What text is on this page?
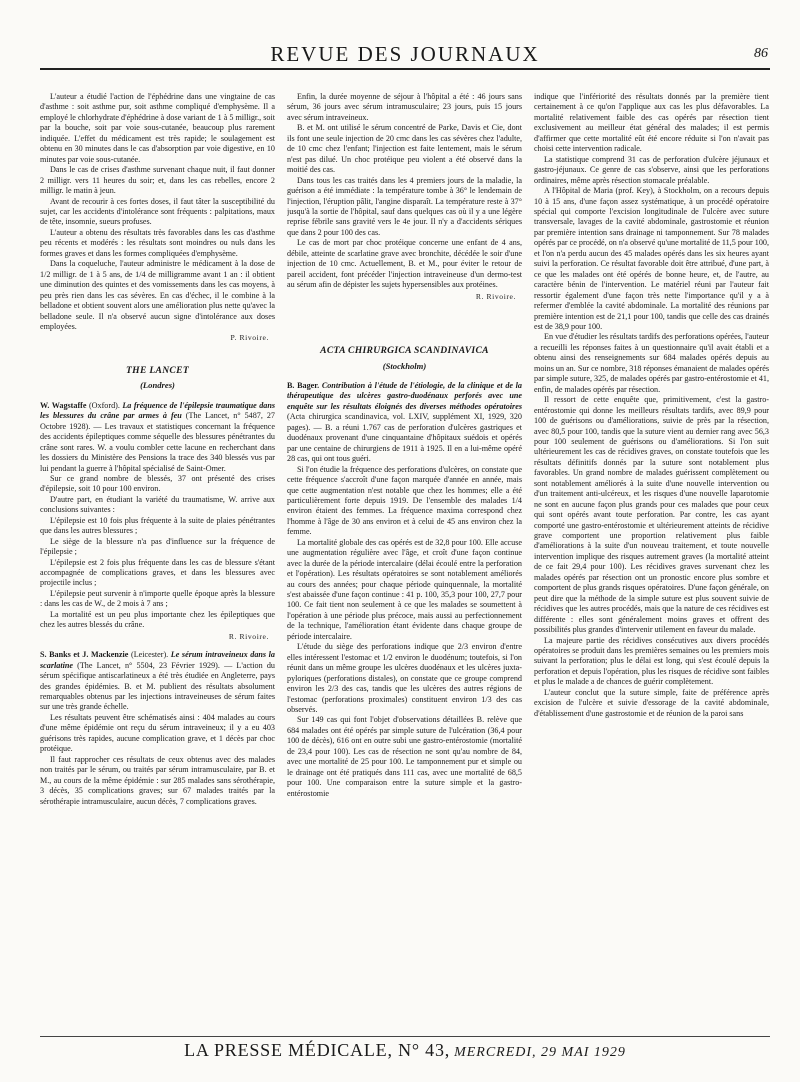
REVUE DES JOURNAUX	86

L'auteur a étudié l'action de l'éphédrine dans une vingtaine de cas d'asthme : soit asthme pur, soit asthme compliqué d'emphysème. Il a employé le chlorhydrate d'éphédrine à dose variant de 1 à 5 milligr., soit par la bouche, soit par voie sous-cutanée, beaucoup plus rarement indiquée. L'effet du médicament est très rapide; le soulagement est obtenu en 30 minutes dans le cas d'absorption par voie digestive, en 10 minutes par voie sous-cutanée.

Dans le cas de crises d'asthme survenant chaque nuit, il faut donner 2 milligr. vers 11 heures du soir; et, dans les cas rebelles, encore 2 milligr. le matin à jeun.

Avant de recourir à ces fortes doses, il faut tâter la susceptibilité du sujet, car les accidents d'intolérance sont fréquents : palpitations, maux de tête, insomnie, sueurs profuses.

L'auteur a obtenu des résultats très favorables dans les cas d'asthme peu récents et modérés : les résultats sont moindres ou nuls dans les formes graves et dans les formes compliquées d'emphysème.

Dans la coqueluche, l'auteur administre le médicament à la dose de 1/2 milligr. de 1 à 5 ans, de 1/4 de milligramme avant 1 an : il obtient une diminution des quintes et des vomissements dans les cas moyens, à peu près rien dans les cas sévères. En cas d'échec, il le combine à la belladone et obtient souvent alors une amélioration plus nette qu'avec la belladone seule. Il n'a observé aucun signe d'intolérance aux doses employées.

P. Rivoire.
THE LANCET
(Londres)

W. Wagstaffe (Oxford). La fréquence de l'épilepsie traumatique dans les blessures du crâne par armes à feu (The Lancet, n° 5487, 27 Octobre 1928). — Les travaux et statistiques concernant la fréquence des accidents épileptiques comme séquelle des blessures pénétrantes du crâne sont rares. W. a voulu combler cette lacune en recherchant dans les dossiers du Ministère des Pensions la trace des 340 blessés vus par lui pendant la guerre à l'hôpital spécialisé de Saint-Omer.

Sur ce grand nombre de blessés, 37 ont présenté des crises d'épilepsie, soit 10 pour 100 environ.

D'autre part, en étudiant la variété du traumatisme, W. arrive aux conclusions suivantes :

L'épilepsie est 10 fois plus fréquente à la suite de plaies pénétrantes que dans les autres blessures ;

Le siège de la blessure n'a pas d'influence sur la fréquence de l'épilepsie ;

L'épilepsie est 2 fois plus fréquente dans les cas de blessure s'étant accompagnée de complications graves, et dans les blessures avec projectile inclus ;

L'épilepsie peut survenir à n'importe quelle époque après la blessure : dans les cas de W., de 2 mois à 7 ans ;

La mortalité est un peu plus importante chez les épileptiques que chez les autres blessés du crâne.

R. Rivoire.

S. Banks et J. Mackenzie (Leicester). Le sérum intraveineux dans la scarlatine (The Lancet, n° 5504, 23 Février 1929). — L'action du sérum spécifique antiscarlatineux a été très étudiée en Angleterre, pays des grandes épidémies. B. et M. publient des résultats absolument remarquables obtenus par les injections intraveineuses de sérum faites sur une très grande échelle.

Les résultats peuvent être schématisés ainsi : 404 malades au cours d'une même épidémie ont reçu du sérum intraveineux; il y a eu 403 guérisons très rapides, aucune complication grave, et 1 décès par choc protéique.

Il faut rapprocher ces résultats de ceux obtenus avec des malades non traités par le sérum, ou traités par sérum intramusculaire, par B. et M., au cours de la même épidémie : sur 285 malades sans sérothérapie, 3 décès, 35 complications graves; sur 67 malades traités par la sérothérapie intramusculaire, aucun décès, 7 complications graves.

Enfin, la durée moyenne de séjour à l'hôpital a été : 46 jours sans sérum, 36 jours avec sérum intramusculaire; 23 jours, puis 15 jours avec sérum intraveineux.

B. et M. ont utilisé le sérum concentré de Parke, Davis et Cie, dont ils font une seule injection de 20 cmc dans les cas sévères chez l'adulte, de 10 cmc chez l'enfant; l'injection est faite lentement, mais le sérum n'est pas dilué. Un choc protéique peu violent a été observé dans la moitié des cas.

Dans tous les cas traités dans les 4 premiers jours de la maladie, la guérison a été immédiate : la température tombe à 36° le lendemain de l'injection, l'éruption pâlit, l'angine disparaît. La température reste à 37° jusqu'à la sortie de l'hôpital, sauf dans quelques cas où il y a une légère reprise fébrile sans gravité vers le 4e jour. Il n'y a d'accidents sériques que dans 2 pour 100 des cas.

Le cas de mort par choc protéique concerne une enfant de 4 ans, débile, atteinte de scarlatine grave avec bronchite, décédée le soir d'une injection de 10 cmc. Actuellement, B. et M., pour éviter le retour de pareil accident, font précéder l'injection intraveineuse d'un dermo-test au sérum afin de dépister les sujets hypersensibles aux protéines.

R. Rivoire.
ACTA CHIRURGICA SCANDINAVICA
(Stockholm)

B. Bager. Contribution à l'étude de l'étiologie, de la clinique et de la thérapeutique des ulcères gastro-duodénaux perforés avec une enquête sur les résultats éloignés des diverses méthodes opératoires (Acta chirurgica scandinavica, vol. LXIV, supplément XI, 1929, 320 pages). — B. a réuni 1.767 cas de perforation d'ulcères gastriques et duodénaux provenant d'une cinquantaine d'hôpitaux suédois et opérés par une centaine de chirurgiens de 1911 à 1925. Il en a lui-même opéré 28 cas, qui ont tous guéri.

Si l'on étudie la fréquence des perforations d'ulcères, on constate que cette fréquence s'accroît d'une façon marquée d'année en année, mais que cette augmentation n'est notable que chez les hommes; elle a été particulièrement forte depuis 1919. De l'ensemble des malades 1/4 environ étaient des femmes. La fréquence maxima correspond chez l'homme à l'âge de 30 ans environ et à celui de 45 ans environ chez la femme.

La mortalité globale des cas opérés est de 32,8 pour 100. Elle accuse une augmentation régulière avec l'âge, et croît d'une façon continue avec la durée de la période intercalaire (délai écoulé entre la perforation et l'opération). Les résultats opératoires se sont notablement améliorés au cours des années; pour chaque période quinquennale, la mortalité s'est abaissée d'une façon continue : 41 p. 100, 35,3 pour 100, 27,7 pour 100. Ce fait tient non seulement à ce que les malades se soumettent à l'opération à une période plus précoce, mais aussi au perfectionnement de la technique, l'amélioration étant évidente dans chaque groupe de période intercalaire.

L'étude du siège des perforations indique que 2/3 environ d'entre elles intéressent l'estomac et 1/2 environ le duodénum; toutefois, si l'on réunit dans un même groupe les ulcères duodénaux et les ulcères juxta-pyloriques (perforations distales), on constate que ce groupe comprend environ les 2/3 des cas, tandis que les ulcères des autres régions de l'estomac (perforations proximales) constituent environ 1/3 des cas observés.

Sur 149 cas qui font l'objet d'observations détaillées B. relève que 684 malades ont été opérés par simple suture de l'ulcération (36,4 pour 100 de décès), 616 ont en outre subi une gastro-entérostomie (mortalité de 23,4 pour 100). Les cas de résection ne sont qu'au nombre de 84, avec une mortalité de 25 pour 100. Le tamponnement pur et simple ou le drainage ont été pratiqués dans 111 cas, avec une mortalité de 68,5 pour 100. Une comparaison entre la suture simple et la gastro-entérostomie

indique que l'infériorité des résultats donnés par la première tient certainement à ce qu'on l'applique aux cas les plus défavorables. La mortalité relativement faible des cas opérés par résection tient exclusivement au meilleur état général des malades; il est permis d'affirmer que cette mortalité eût été encore réduite si l'on n'avait pas choisi cette intervention radicale.

La statistique comprend 31 cas de perforation d'ulcère jéjunaux et gastro-jéjunaux. Ce genre de cas s'observe, ainsi que les perforations ordinaires, même après résection stomacale préalable.

A l'Hôpital de Maria (prof. Key), à Stockholm, on a recours depuis 10 à 15 ans, d'une façon assez systématique, à un procédé opératoire spécial qui comporte l'excision longitudinale de l'ulcère avec suture transversale, lavages de la cavité abdominale, gastrostomie et réunion par première intention sans drainage ni tamponnement. Sur 78 malades opérés par ce procédé, on n'a observé qu'une mortalité de 11,5 pour 100, et l'on n'a perdu aucun des 45 malades opérés dans les six heures ayant suivi la perforation. Ce résultat favorable doit être attribué, d'une part, à ce que les malades ont été opérés de bonne heure, et, de l'autre, au caractère bénin de l'intervention. Le matériel réuni par l'auteur fait ressortir également d'une façon très nette l'importance qu'il y a à refermer d'emblée la cavité abdominale. La mortalité des réunions par première intention est de 21,1 pour 100, tandis que celle des cas drainés est de 38,9 pour 100.

En vue d'étudier les résultats tardifs des perforations opérées, l'auteur a recueilli les réponses faites à un questionnaire qu'il avait établi et a obtenu ainsi des renseignements sur 684 malades opérés depuis au moins un an. Sur ce nombre, 318 réponses émanaient de malades opérés par simple suture, 325, de malades opérés par gastro-entérostomie et 41, enfin, de malades opérés par résection.

Il ressort de cette enquête que, primitivement, c'est la gastro-entérostomie qui donne les meilleurs résultats tardifs, avec 89,9 pour 100 de guérisons ou d'améliorations, suivie de près par la résection, avec 80,5 pour 100, tandis que la suture vient au dernier rang avec 56,3 pour 100 seulement de guérisons ou d'améliorations. Si l'on suit ultérieurement les cas de récidives graves, on constate toutefois que les résultats définitifs donnés par la suture sont notablement plus favorables. Un grand nombre de malades guérissent complètement ou sont notablement améliorés à la suite d'une nouvelle intervention ou d'un traitement anti-ulcéreux, et les risques d'une nouvelle laparotomie ne sont en aucune façon plus grands pour ces malades que pour ceux qui sont opérés avant toute perforation. Par contre, les cas ayant comporté une gastro-entérostomie et ultérieurement atteints de récidive grave comportent une proportion relativement plus faible d'améliorations à la suite d'un nouveau traitement, et toute nouvelle intervention implique des risques autrement graves (la mortalité atteint de ce fait 29,4 pour 100). Les récidives graves survenant chez les malades opérés par résection ont un pronostic encore plus sombre et comportent de plus grands risques opératoires. D'une façon générale, on peut dire que la méthode de la simple suture est plus souvent suivie de récidives que les autres procédés, mais que la nature de ces récidives est différente : elles sont généralement moins graves et offrent des possibilités plus grandes d'intervenir utilement en faveur du malade.

La majeure partie des récidives consécutives aux divers procédés opératoires se produit dans les premières semaines ou les premiers mois suivant la perforation; plus le délai est long, qui s'est écoulé depuis la perforation et depuis l'opération, plus les risques de récidive sont faibles et plus le malade a de chances de guérir complètement.

L'auteur conclut que la suture simple, faite de préférence après excision de l'ulcère et suivie d'essorage de la cavité abdominale, d'établissement d'une gastrostomie et de réunion de la paroi sans

LA PRESSE MÉDICALE, N° 43, MERCREDI, 29 MAI 1929
